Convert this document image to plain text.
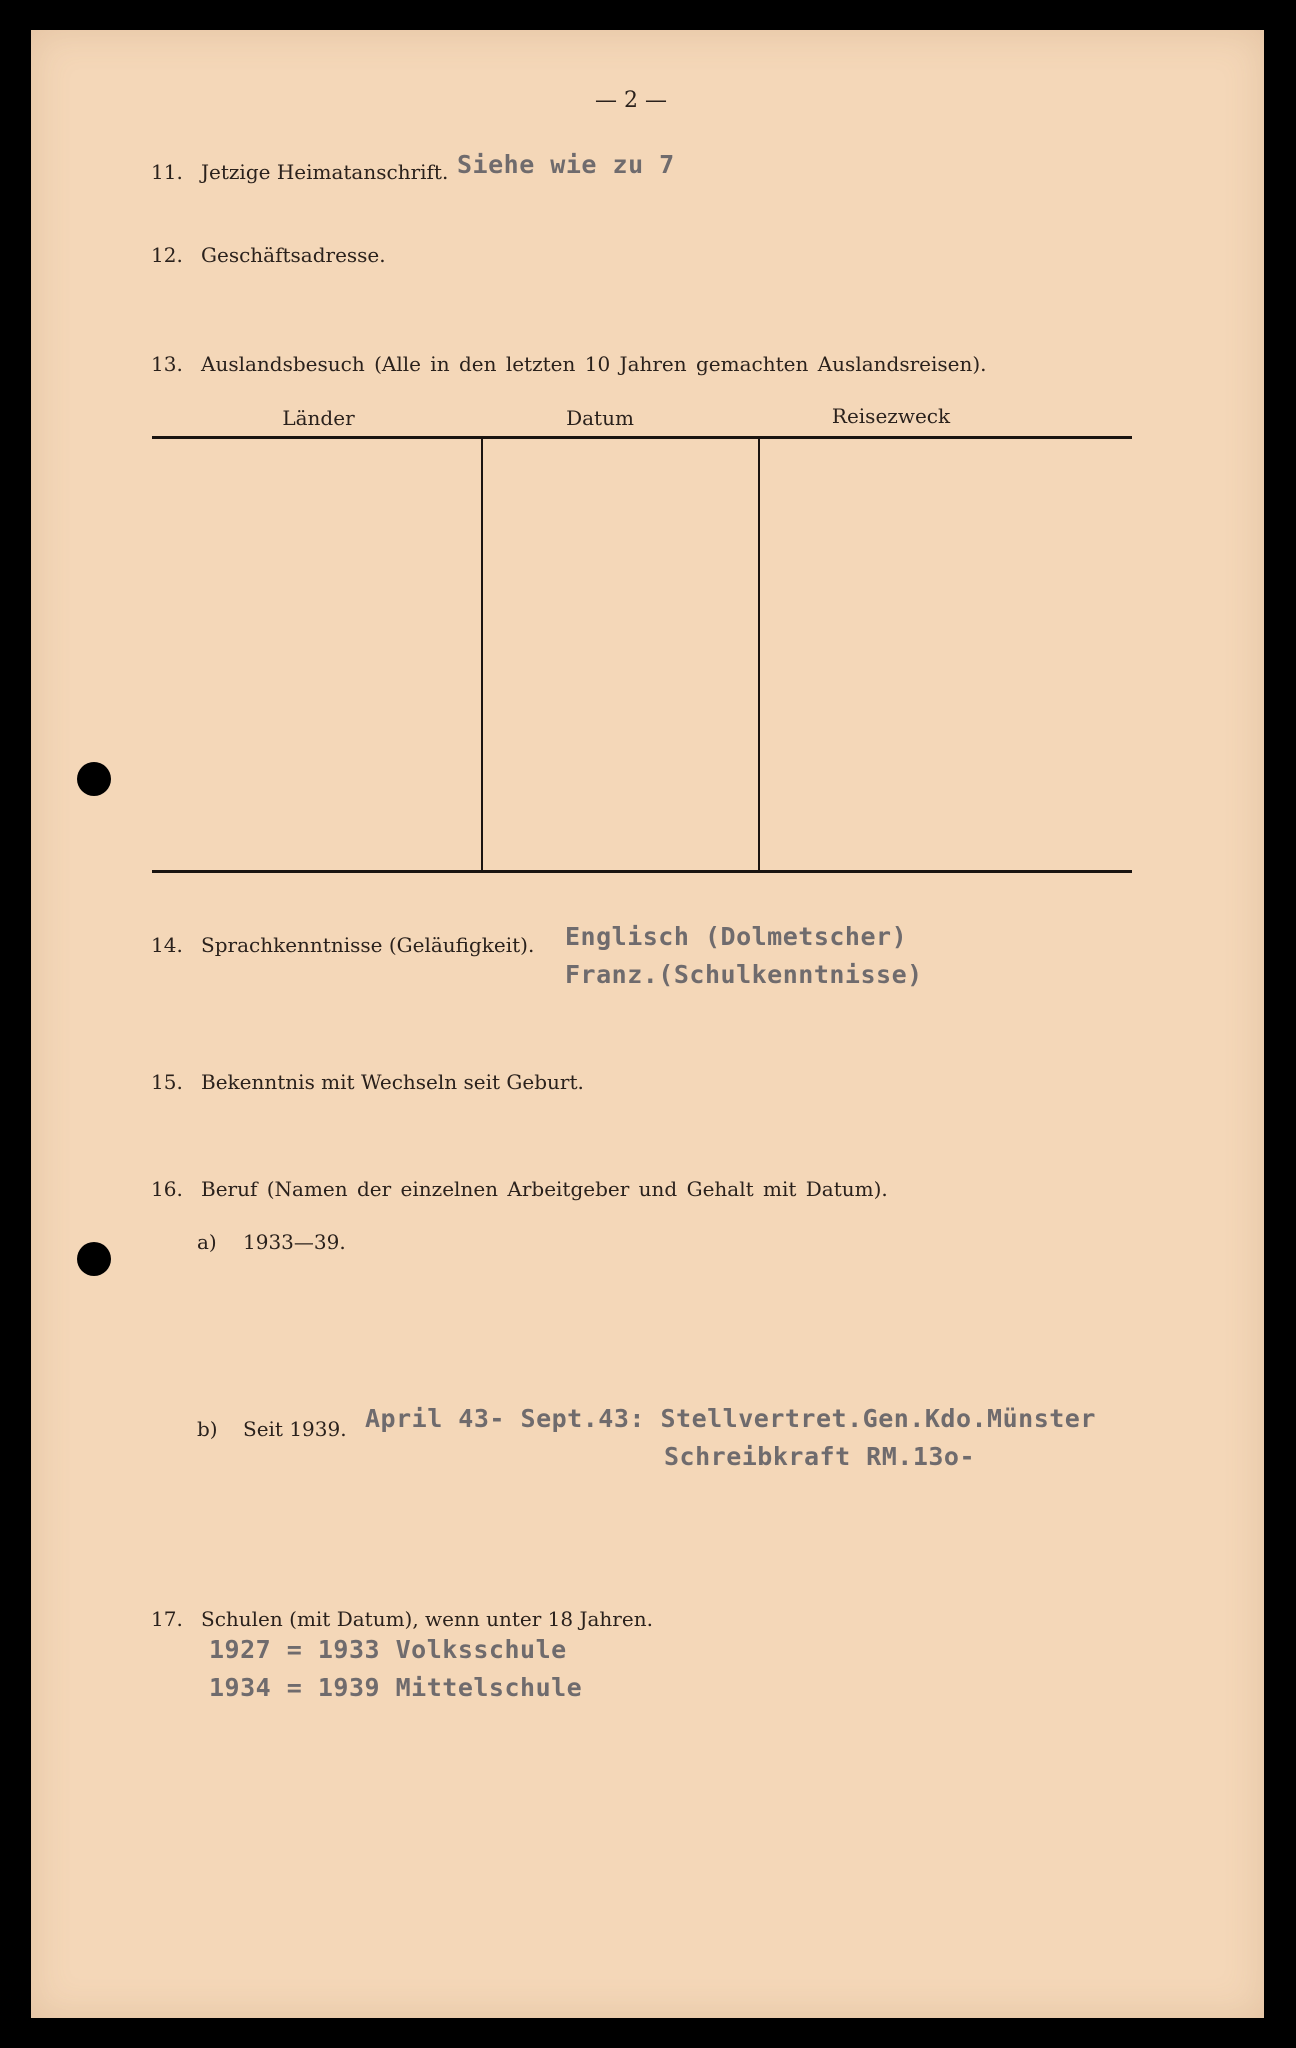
— 2 —
11. Jetzige Heimatanschrift. Siehe wie zu 7
12. Geschäftsadresse.
13. Auslandsbesuch (Alle in den letzten 10 Jahren gemachten Auslandsreisen).
Länder	Datum	Reisezweck
14. Sprachkenntnisse (Geläufigkeit). Englisch (Dolmetscher)
Franz.(Schulkenntnisse)
15. Bekenntnis mit Wechseln seit Geburt.
16. Beruf (Namen der einzelnen Arbeitgeber und Gehalt mit Datum).
a) 1933—39.
b) Seit 1939. April 43- Sept.43: Stellvertret.Gen.Kdo.Münster
Schreibkraft RM.13o-
17. Schulen (mit Datum), wenn unter 18 Jahren.
1927 = 1933 Volksschule
1934 = 1939 Mittelschule
